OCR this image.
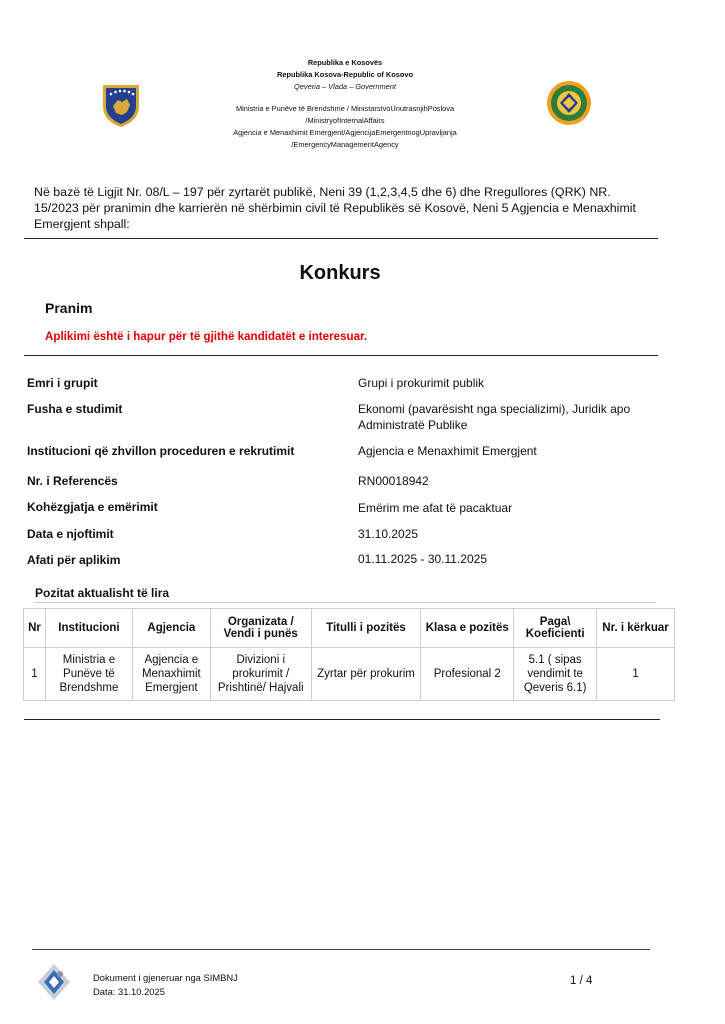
Republika e Kosovës
Republika Kosova-Republic of Kosovo
Qeveria – Vlada – Government
Ministria e Punëve të Brendshme / MinistarstvoUnutrasnjihPoslova
/MinistryofInternalAffairs
Agjencia e Menaxhimit Emergjent/AgjencijaEmergentnogUpravljanja
/EmergencyManagementAgency
Në bazë të Ligjit Nr. 08/L – 197 për zyrtarët publikë, Neni 39 (1,2,3,4,5 dhe 6) dhe Rregullores (QRK) NR. 15/2023 për pranimin dhe karrierën në shërbimin civil të Republikës së Kosovë, Neni 5 Agjencia e Menaxhimit Emergjent shpall:
Konkurs
Pranim
Aplikimi është i hapur për të gjithë kandidatët e interesuar.
Emri i grupit	Grupi i prokurimit publik
Fusha e studimit	Ekonomi (pavarësisht nga specializimi), Juridik apo Administratë Publike
Institucioni që zhvillon proceduren e rekrutimit	Agjencia e Menaxhimit Emergjent
Nr. i Referencës	RN00018942
Kohëzgjatja e emërimit	Emërim me afat të pacaktuar
Data e njoftimit	31.10.2025
Afati për aplikim	01.11.2025 - 30.11.2025
Pozitat aktualisht të lira
Nr	Institucioni	Agjencia	Organizata / Vendi i punës	Titulli i pozitës	Klasa e pozitës	Paga\ Koeficienti	Nr. i kërkuar
1	Ministria e Punëve të Brendshme	Agjencia e Menaxhimit Emergjent	Divizioni i prokurimit / Prishtinë/ Hajvali	Zyrtar për prokurim	Profesional 2	5.1 ( sipas vendimit te Qeveris 6.1)	1
Dokument i gjeneruar nga SIMBNJ
Data: 31.10.2025
1 / 4
